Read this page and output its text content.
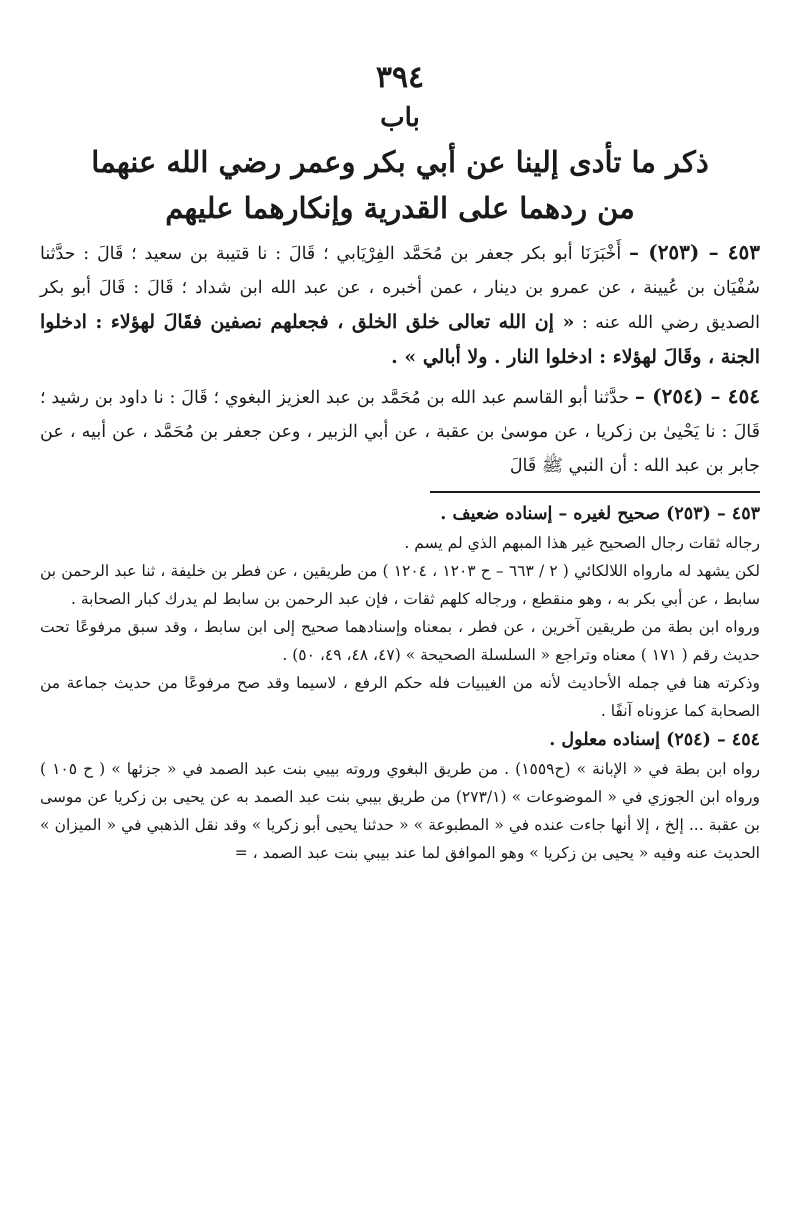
٣٩٤
باب
ذكر ما تأدى إلينا عن أبي بكر وعمر رضي الله عنهما
من ردهما على القدرية وإنكارهما عليهم

٤٥٣ – (٢٥٣) – أَخْبَرَنَا أبو بكر جعفر بن مُحَمَّد الفِرْيَابي ؛ قَالَ : نا قتيبة بن سعيد ؛ قَالَ : حدَّثنا سُفْيَان بن عُيينة ، عن عمرو بن دينار ، عمن أخبره ، عن عبد الله ابن شداد ؛ قَالَ : قَالَ أبو بكر الصديق رضي الله عنه : « إن الله تعالى خلق الخلق ، فجعلهم نصفين فقَالَ لهؤلاء : ادخلوا الجنة ، وقَالَ لهؤلاء : ادخلوا النار . ولا أبالي » .

٤٥٤ – (٢٥٤) – حدَّثنا أبو القاسم عبد الله بن مُحَمَّد بن عبد العزيز البغوي ؛ قَالَ : نا داود بن رشيد ؛ قَالَ : نا يَحْيىٰ بن زكريا ، عن موسىٰ بن عقبة ، عن أبي الزبير ، وعن جعفر بن مُحَمَّد ، عن أبيه ، عن جابر بن عبد الله : أن النبي ﷺ قَالَ

٤٥٣ – (٢٥٣) صحيح لغيره – إسناده ضعيف .

رجاله ثقات رجال الصحيح غير هذا المبهم الذي لم يسم .

لكن يشهد له مارواه اللالكائي ( ٢ / ٦٦٣ – ح ١٢٠٣ ، ١٢٠٤ ) من طريقين ، عن فطر بن خليفة ، ثنا عبد الرحمن بن سابط ، عن أبي بكر به ، وهو منقطع ، ورجاله كلهم ثقات ، فإن عبد الرحمن بن سابط لم يدرك كبار الصحابة .

ورواه ابن بطة من طريقين آخرين ، عن فطر ، بمعناه وإسنادهما صحيح إلى ابن سابط ، وقد سبق مرفوعًا تحت حديث رقم ( ١٧١ ) معناه وتراجع « السلسلة الصحيحة » (٤٧، ٤٨، ٤٩، ٥٠) .

وذكرته هنا في جمله الأحاديث لأنه من الغيبيات فله حكم الرفع ، لاسيما وقد صح مرفوعًا من حديث جماعة من الصحابة كما عزوناه آنفًا .

٤٥٤ – (٢٥٤) إسناده معلول .

رواه ابن بطة في « الإبانة » (ح١٥٥٩) . من طريق البغوي وروته بيبي بنت عبد الصمد في « جزئها » ( ح ١٠٥ ) ورواه ابن الجوزي في « الموضوعات » (٢٧٣/١) من طريق بيبي بنت عبد الصمد به عن يحيى بن زكريا عن موسى بن عقبة ... إلخ ، إلا أنها جاءت عنده في « المطبوعة » « حدثنا يحيى أبو زكريا » وقد نقل الذهبي في « الميزان » الحديث عنه وفيه « يحيى بن زكريا » وهو الموافق لما عند بيبي بنت عبد الصمد ، =
